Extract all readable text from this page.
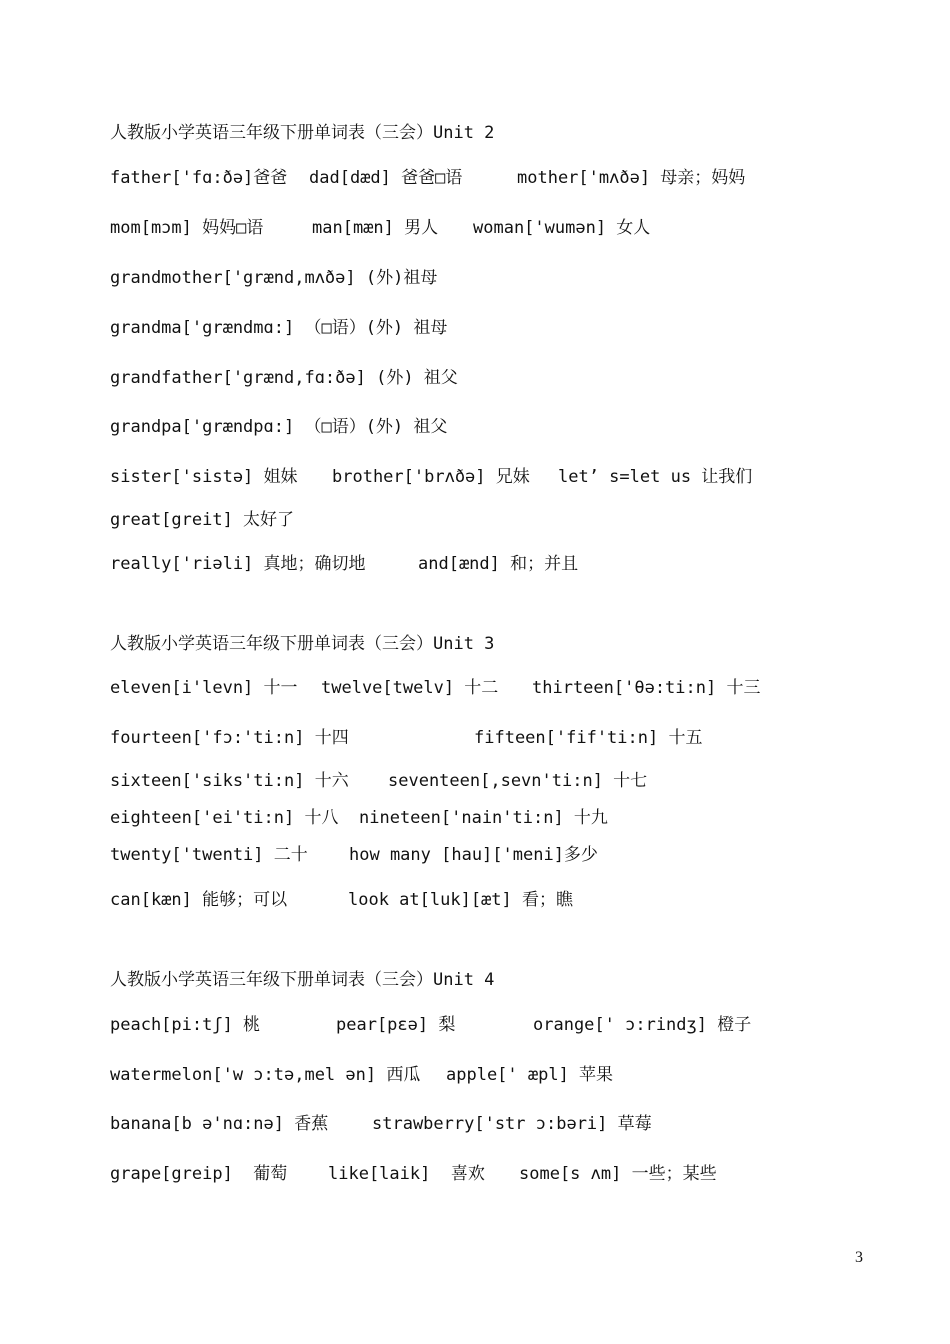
人教版小学英语三年级下册单词表（三会）Unit 2

father['fɑ:ðə]爸爸

dad[dæd] 爸爸□语

	mother['mʌðə] 母亲；妈妈

mom[mɔm] 妈妈□语

	man[mæn] 男人

woman['wumən] 女人

grandmother['grænd,mʌðə] (外)祖母

grandma['grændmɑ:] （□语）(外) 祖母

grandfather['grænd,fɑ:ðə] (外) 祖父

grandpa['grændpɑ:] （□语）(外) 祖父

sister['sistə] 姐妹

brother['brʌðə] 兄妹

let’ s=let us 让我们

great[greit] 太好了

really['riəli] 真地；确切地

	and[ænd] 和；并且

人教版小学英语三年级下册单词表（三会）Unit 3

eleven[i'levn] 十一

twelve[twelv] 十二

thirteen['θə:ti:n] 十三

fourteen['fɔ:'ti:n] 十四

	fifteen['fif'ti:n] 十五

sixteen['siks'ti:n] 十六

seventeen[,sevn'ti:n] 十七

eighteen['ei'ti:n] 十八

nineteen['nain'ti:n] 十九

twenty['twenti] 二十

how many [hau]['meni]多少

can[kæn] 能够；可以

	look at[luk][æt] 看；瞧

人教版小学英语三年级下册单词表（三会）Unit 4

peach[pi:tʃ] 桃

	pear[pɛə] 梨

	orange[' ɔ:rindʒ] 橙子

watermelon['w ɔ:tə,mel ən] 西瓜

apple[' æpl] 苹果

banana[b ə'nɑ:nə] 香蕉

	strawberry['str ɔ:bəri] 草莓

grape[greip]  葡萄

like[laik]  喜欢

some[s ʌm] 一些；某些

3
